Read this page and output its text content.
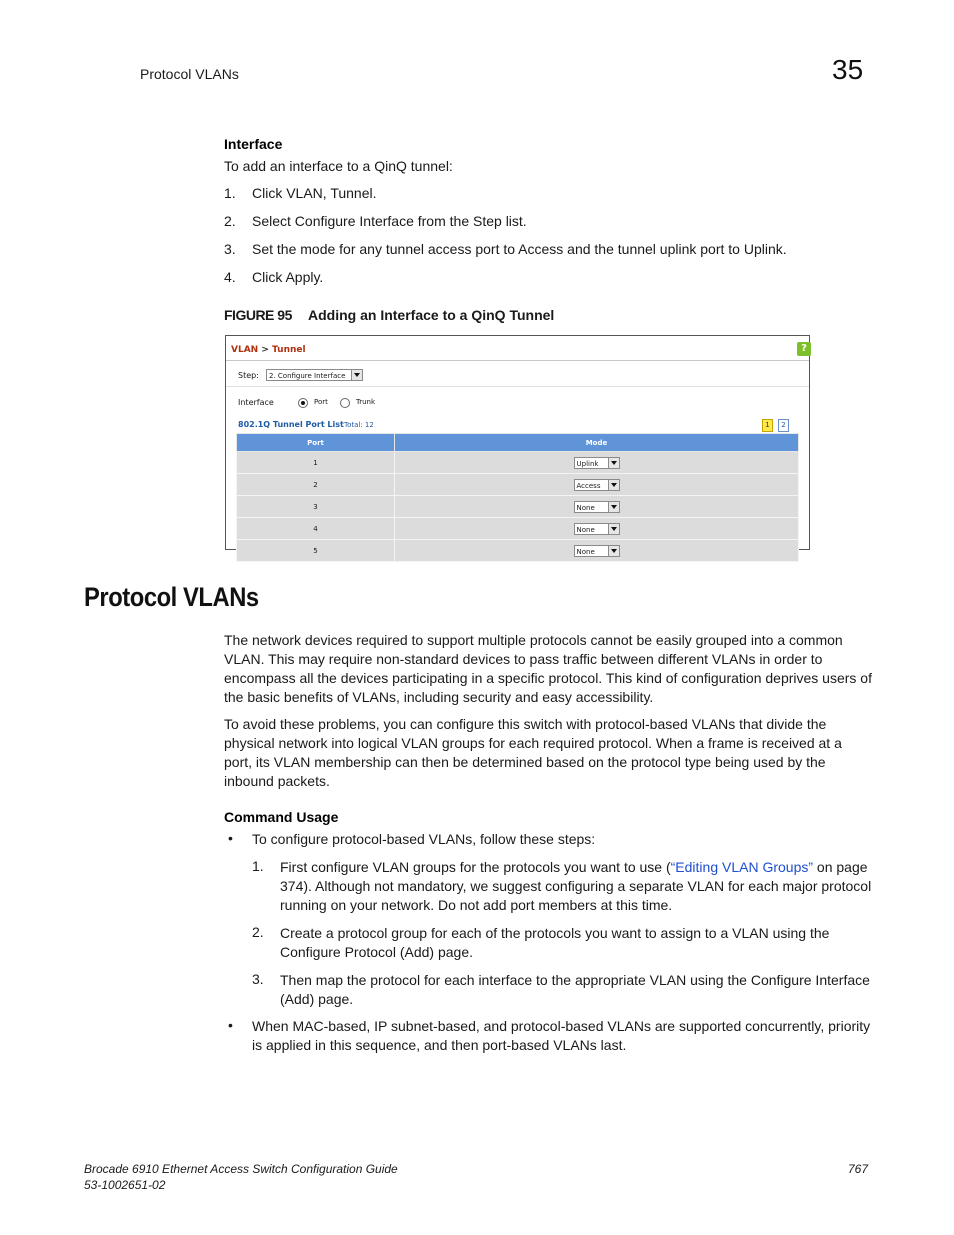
Protocol VLANs	35
Interface
To add an interface to a QinQ tunnel:
1. Click VLAN, Tunnel.
2. Select Configure Interface from the Step list.
3. Set the mode for any tunnel access port to Access and the tunnel uplink port to Uplink.
4. Click Apply.
FIGURE 95 Adding an Interface to a QinQ Tunnel
VLAN > Tunnel	?
Step:	2. Configure Interface
Interface	Port	Trunk
802.1Q Tunnel Port List Total: 12	1	2
Port	Mode
1	Uplink

2	Access

3	None

4	None

5	None
Protocol VLANs
The network devices required to support multiple protocols cannot be easily grouped into a common VLAN. This may require non-standard devices to pass traffic between different VLANs in order to encompass all the devices participating in a specific protocol. This kind of configuration deprives users of the basic benefits of VLANs, including security and easy accessibility.
To avoid these problems, you can configure this switch with protocol-based VLANs that divide the physical network into logical VLAN groups for each required protocol. When a frame is received at a port, its VLAN membership can then be determined based on the protocol type being used by the inbound packets.
Command Usage
• To configure protocol-based VLANs, follow these steps:
1. First configure VLAN groups for the protocols you want to use (“Editing VLAN Groups” on page 374). Although not mandatory, we suggest configuring a separate VLAN for each major protocol running on your network. Do not add port members at this time.
2. Create a protocol group for each of the protocols you want to assign to a VLAN using the Configure Protocol (Add) page.
3. Then map the protocol for each interface to the appropriate VLAN using the Configure Interface (Add) page.
• When MAC-based, IP subnet-based, and protocol-based VLANs are supported concurrently, priority is applied in this sequence, and then port-based VLANs last.
Brocade 6910 Ethernet Access Switch Configuration Guide
53-1002651-02
767
